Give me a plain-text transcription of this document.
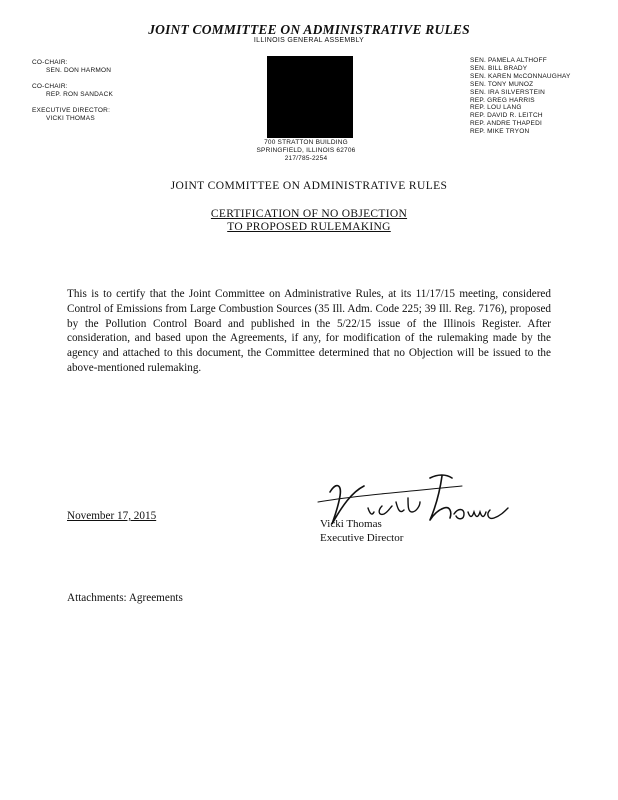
JOINT COMMITTEE ON ADMINISTRATIVE RULES
ILLINOIS GENERAL ASSEMBLY
CO-CHAIR:
SEN. DON HARMON
CO-CHAIR:
REP. RON SANDACK
EXECUTIVE DIRECTOR:
VICKI THOMAS
SEN. PAMELA ALTHOFF
SEN. BILL BRADY
SEN. KAREN McCONNAUGHAY
SEN. TONY MUNOZ
SEN. IRA SILVERSTEIN
REP. GREG HARRIS
REP. LOU LANG
REP. DAVID R. LEITCH
REP. ANDRE THAPEDI
REP. MIKE TRYON
700 STRATTON BUILDING
SPRINGFIELD, ILLINOIS 62706
217/785-2254
JOINT COMMITTEE ON ADMINISTRATIVE RULES
CERTIFICATION OF NO OBJECTION
TO PROPOSED RULEMAKING
This is to certify that the Joint Committee on Administrative Rules, at its 11/17/15 meeting, considered Control of Emissions from Large Combustion Sources (35 Ill. Adm. Code 225; 39 Ill. Reg. 7176), proposed by the Pollution Control Board and published in the 5/22/15 issue of the Illinois Register. After consideration, and based upon the Agreements, if any, for modification of the rulemaking made by the agency and attached to this document, the Committee determined that no Objection will be issued to the above-mentioned rulemaking.
November 17, 2015
Vicki Thomas
Executive Director
Attachments: Agreements
